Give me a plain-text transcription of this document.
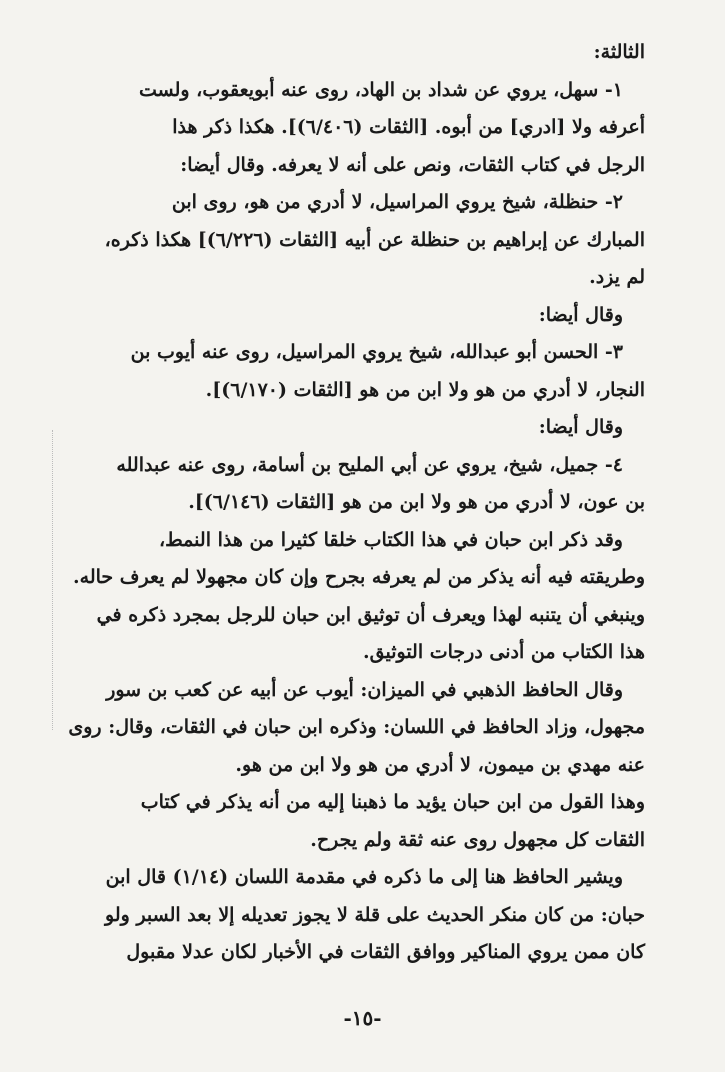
الثالثة:
١- سهل، يروي عن شداد بن الهاد، روى عنه أبويعقوب، ولست
أعرفه ولا [ادري] من أبوه. [الثقات (٦/٤٠٦)]. هكذا ذكر هذا
الرجل في كتاب الثقات، ونص على أنه لا يعرفه. وقال أيضا:
٢- حنظلة، شيخ يروي المراسيل، لا أدري من هو، روى ابن
المبارك عن إبراهيم بن حنظلة عن أبيه [الثقات (٦/٢٢٦)] هكذا ذكره،
لم يزد.
وقال أيضا:
٣- الحسن أبو عبدالله، شيخ يروي المراسيل، روى عنه أيوب بن
النجار، لا أدري من هو ولا ابن من هو [الثقات (٦/١٧٠)].
وقال أيضا:
٤- جميل، شيخ، يروي عن أبي المليح بن أسامة، روى عنه عبدالله
بن عون، لا أدري من هو ولا ابن من هو [الثقات (٦/١٤٦)].
وقد ذكر ابن حبان في هذا الكتاب خلقا كثيرا من هذا النمط،
وطريقته فيه أنه يذكر من لم يعرفه بجرح وإن كان مجهولا لم يعرف حاله.
وينبغي أن يتنبه لهذا ويعرف أن توثيق ابن حبان للرجل بمجرد ذكره في
هذا الكتاب من أدنى درجات التوثيق.
وقال الحافظ الذهبي في الميزان: أيوب عن أبيه عن كعب بن سور
مجهول، وزاد الحافظ في اللسان: وذكره ابن حبان في الثقات، وقال: روى
عنه مهدي بن ميمون، لا أدري من هو ولا ابن من هو.
وهذا القول من ابن حبان يؤيد ما ذهبنا إليه من أنه يذكر في كتاب
الثقات كل مجهول روى عنه ثقة ولم يجرح.
ويشير الحافظ هنا إلى ما ذكره في مقدمة اللسان (١/١٤) قال ابن
حبان: من كان منكر الحديث على قلة لا يجوز تعديله إلا بعد السبر ولو
كان ممن يروي المناكير ووافق الثقات في الأخبار لكان عدلا مقبول
-١٥-
